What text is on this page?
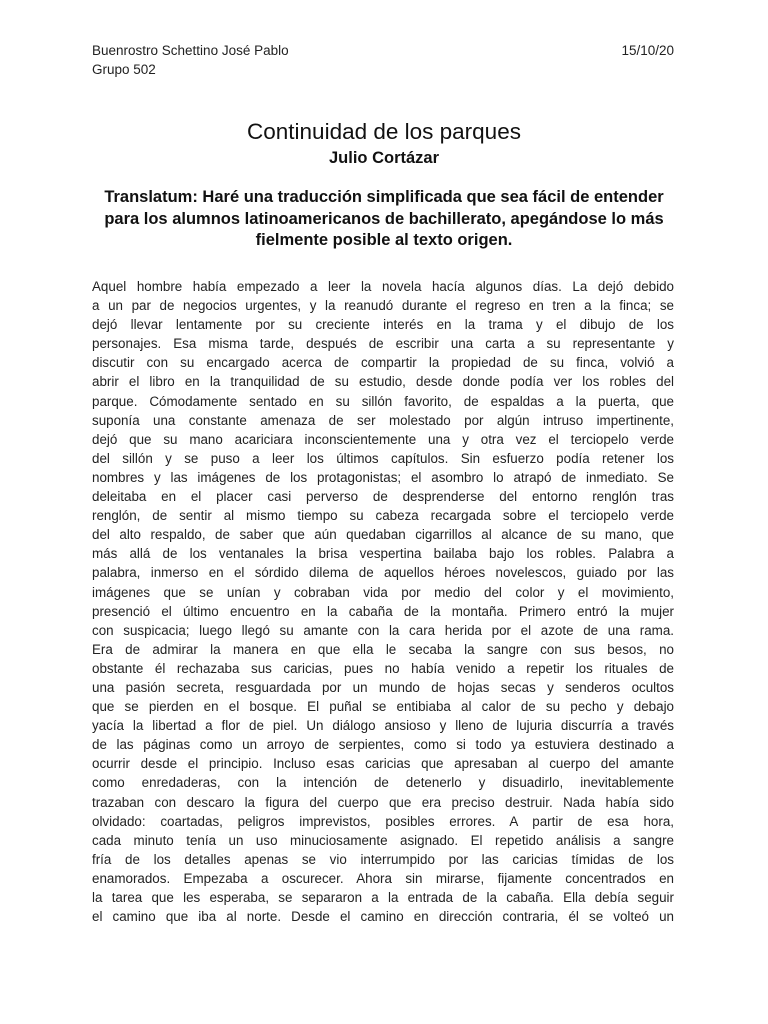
Buenrostro Schettino José Pablo
Grupo 502
15/10/20
Continuidad de los parques
Julio Cortázar
Translatum: Haré una traducción simplificada que sea fácil de entender para los alumnos latinoamericanos de bachillerato, apegándose lo más fielmente posible al texto origen.
Aquel hombre había empezado a leer la novela hacía algunos días. La dejó debido
a un par de negocios urgentes, y la reanudó durante el regreso en tren a la finca; se
dejó llevar lentamente por su creciente interés en la trama y el dibujo de los
personajes. Esa misma tarde, después de escribir una carta a su representante y
discutir con su encargado acerca de compartir la propiedad de su finca, volvió a
abrir el libro en la tranquilidad de su estudio, desde donde podía ver los robles del
parque. Cómodamente sentado en su sillón favorito, de espaldas a la puerta, que
suponía una constante amenaza de ser molestado por algún intruso impertinente,
dejó que su mano acariciara inconscientemente una y otra vez el terciopelo verde
del sillón y se puso a leer los últimos capítulos. Sin esfuerzo podía retener los
nombres y las imágenes de los protagonistas; el asombro lo atrapó de inmediato. Se
deleitaba en el placer casi perverso de desprenderse del entorno renglón tras
renglón, de sentir al mismo tiempo su cabeza recargada sobre el terciopelo verde
del alto respaldo, de saber que aún quedaban cigarrillos al alcance de su mano, que
más allá de los ventanales la brisa vespertina bailaba bajo los robles. Palabra a
palabra, inmerso en el sórdido dilema de aquellos héroes novelescos, guiado por las
imágenes que se unían y cobraban vida por medio del color y el movimiento,
presenció el último encuentro en la cabaña de la montaña. Primero entró la mujer
con suspicacia; luego llegó su amante con la cara herida por el azote de una rama.
Era de admirar la manera en que ella le secaba la sangre con sus besos, no
obstante él rechazaba sus caricias, pues no había venido a repetir los rituales de
una pasión secreta, resguardada por un mundo de hojas secas y senderos ocultos
que se pierden en el bosque. El puñal se entibiaba al calor de su pecho y debajo
yacía la libertad a flor de piel. Un diálogo ansioso y lleno de lujuria discurría a través
de las páginas como un arroyo de serpientes, como si todo ya estuviera destinado a
ocurrir desde el principio. Incluso esas caricias que apresaban al cuerpo del amante
como enredaderas, con la intención de detenerlo y disuadirlo, inevitablemente
trazaban con descaro la figura del cuerpo que era preciso destruir. Nada había sido
olvidado: coartadas, peligros imprevistos, posibles errores. A partir de esa hora,
cada minuto tenía un uso minuciosamente asignado. El repetido análisis a sangre
fría de los detalles apenas se vio interrumpido por las caricias tímidas de los
enamorados. Empezaba a oscurecer. Ahora sin mirarse, fijamente concentrados en
la tarea que les esperaba, se separaron a la entrada de la cabaña. Ella debía seguir
el camino que iba al norte. Desde el camino en dirección contraria, él se volteó un
